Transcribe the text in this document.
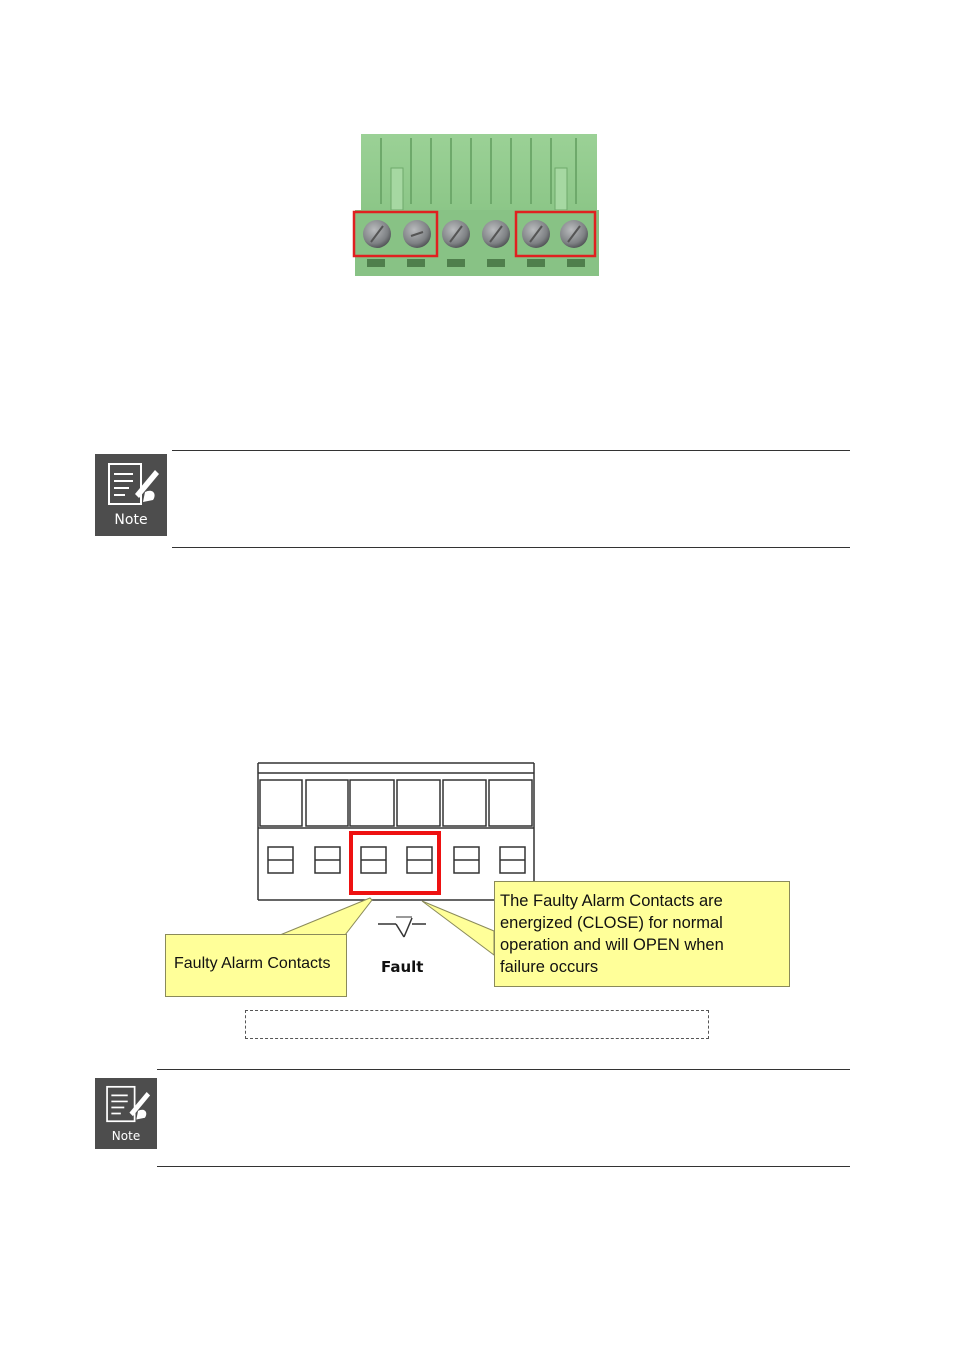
Note
Faulty Alarm Contacts
The Faulty Alarm Contacts are
energized (CLOSE) for normal
operation and will OPEN when
failure occurs
Fault
Note
